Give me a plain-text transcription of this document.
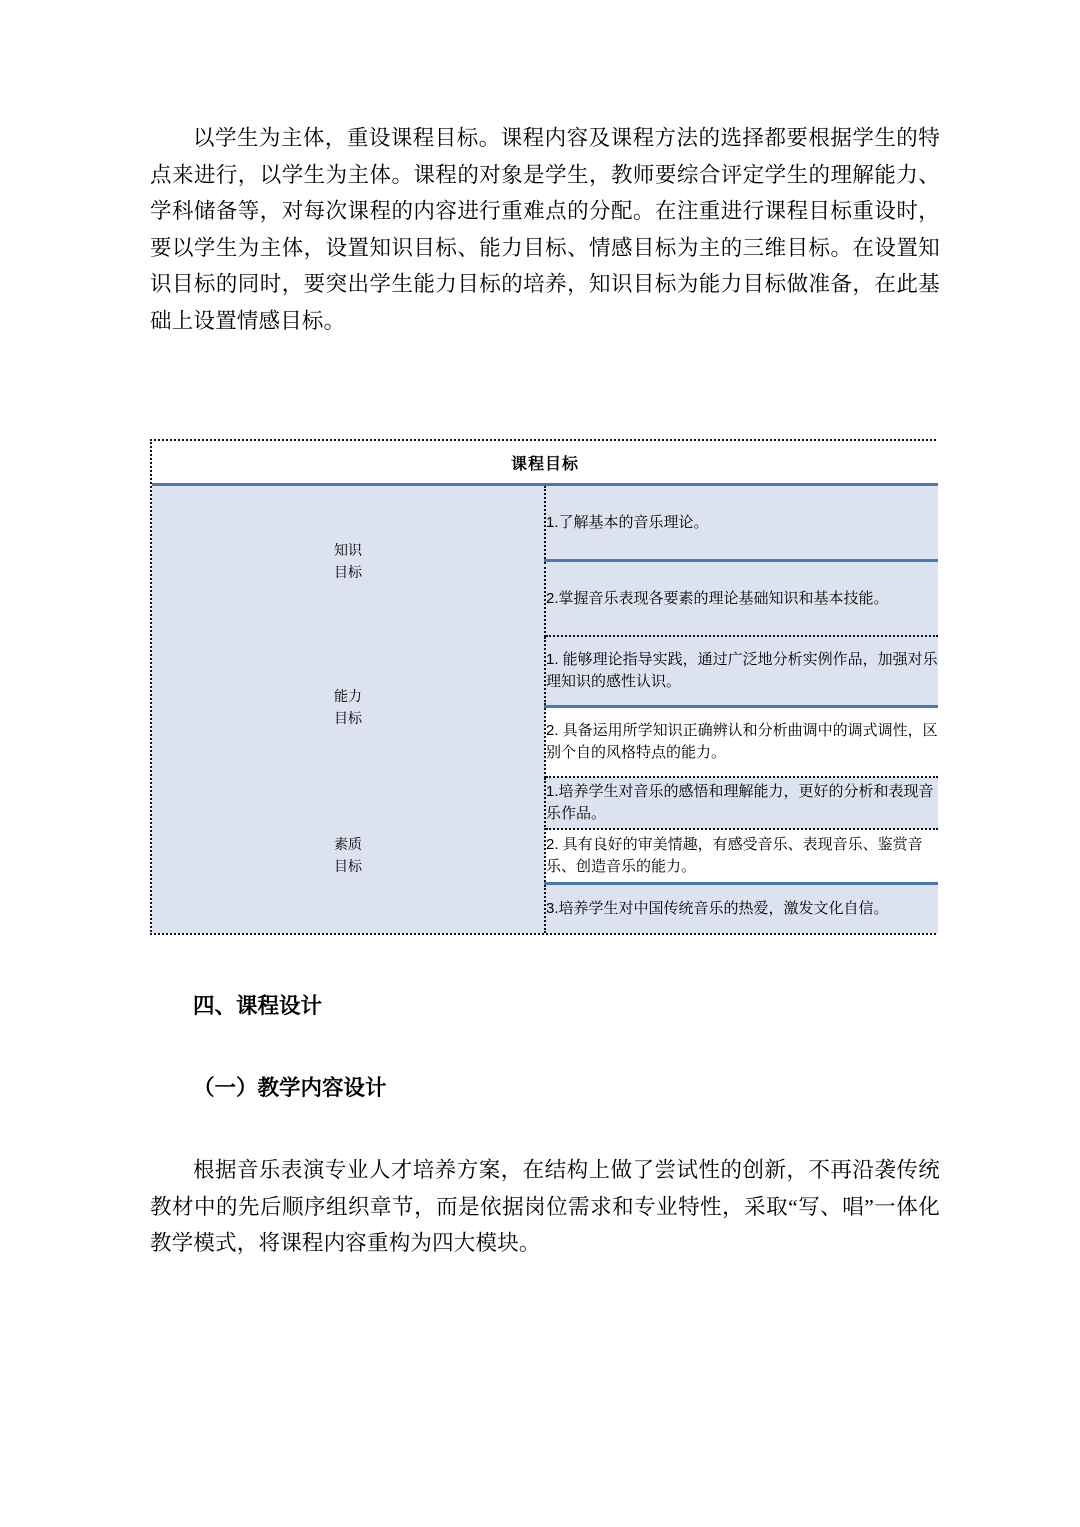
以学生为主体，重设课程目标。课程内容及课程方法的选择都要根据学生的特点来进行，以学生为主体。课程的对象是学生，教师要综合评定学生的理解能力、学科储备等，对每次课程的内容进行重难点的分配。在注重进行课程目标重设时，要以学生为主体，设置知识目标、能力目标、情感目标为主的三维目标。在设置知识目标的同时，要突出学生能力目标的培养，知识目标为能力目标做准备，在此基础上设置情感目标。

课程目标	

知识
目标	1.了解基本的音乐理论。
	2.掌握音乐表现各要素的理论基础知识和基本技能。

能力
目标	1. 能够理论指导实践，通过广泛地分析实例作品，加强对乐理知识的感性认识。
	2. 具备运用所学知识正确辨认和分析曲调中的调式调性，区别个自的风格特点的能力。

素质
目标	1.培养学生对音乐的感悟和理解能力，更好的分析和表现音乐作品。
	2. 具有良好的审美情趣，有感受音乐、表现音乐、鉴赏音乐、创造音乐的能力。
	3.培养学生对中国传统音乐的热爱，激发文化自信。
四、课程设计
（一）教学内容设计

根据音乐表演专业人才培养方案，在结构上做了尝试性的创新，不再沿袭传统教材中的先后顺序组织章节，而是依据岗位需求和专业特性，采取“写、唱”一体化教学模式，将课程内容重构为四大模块。
